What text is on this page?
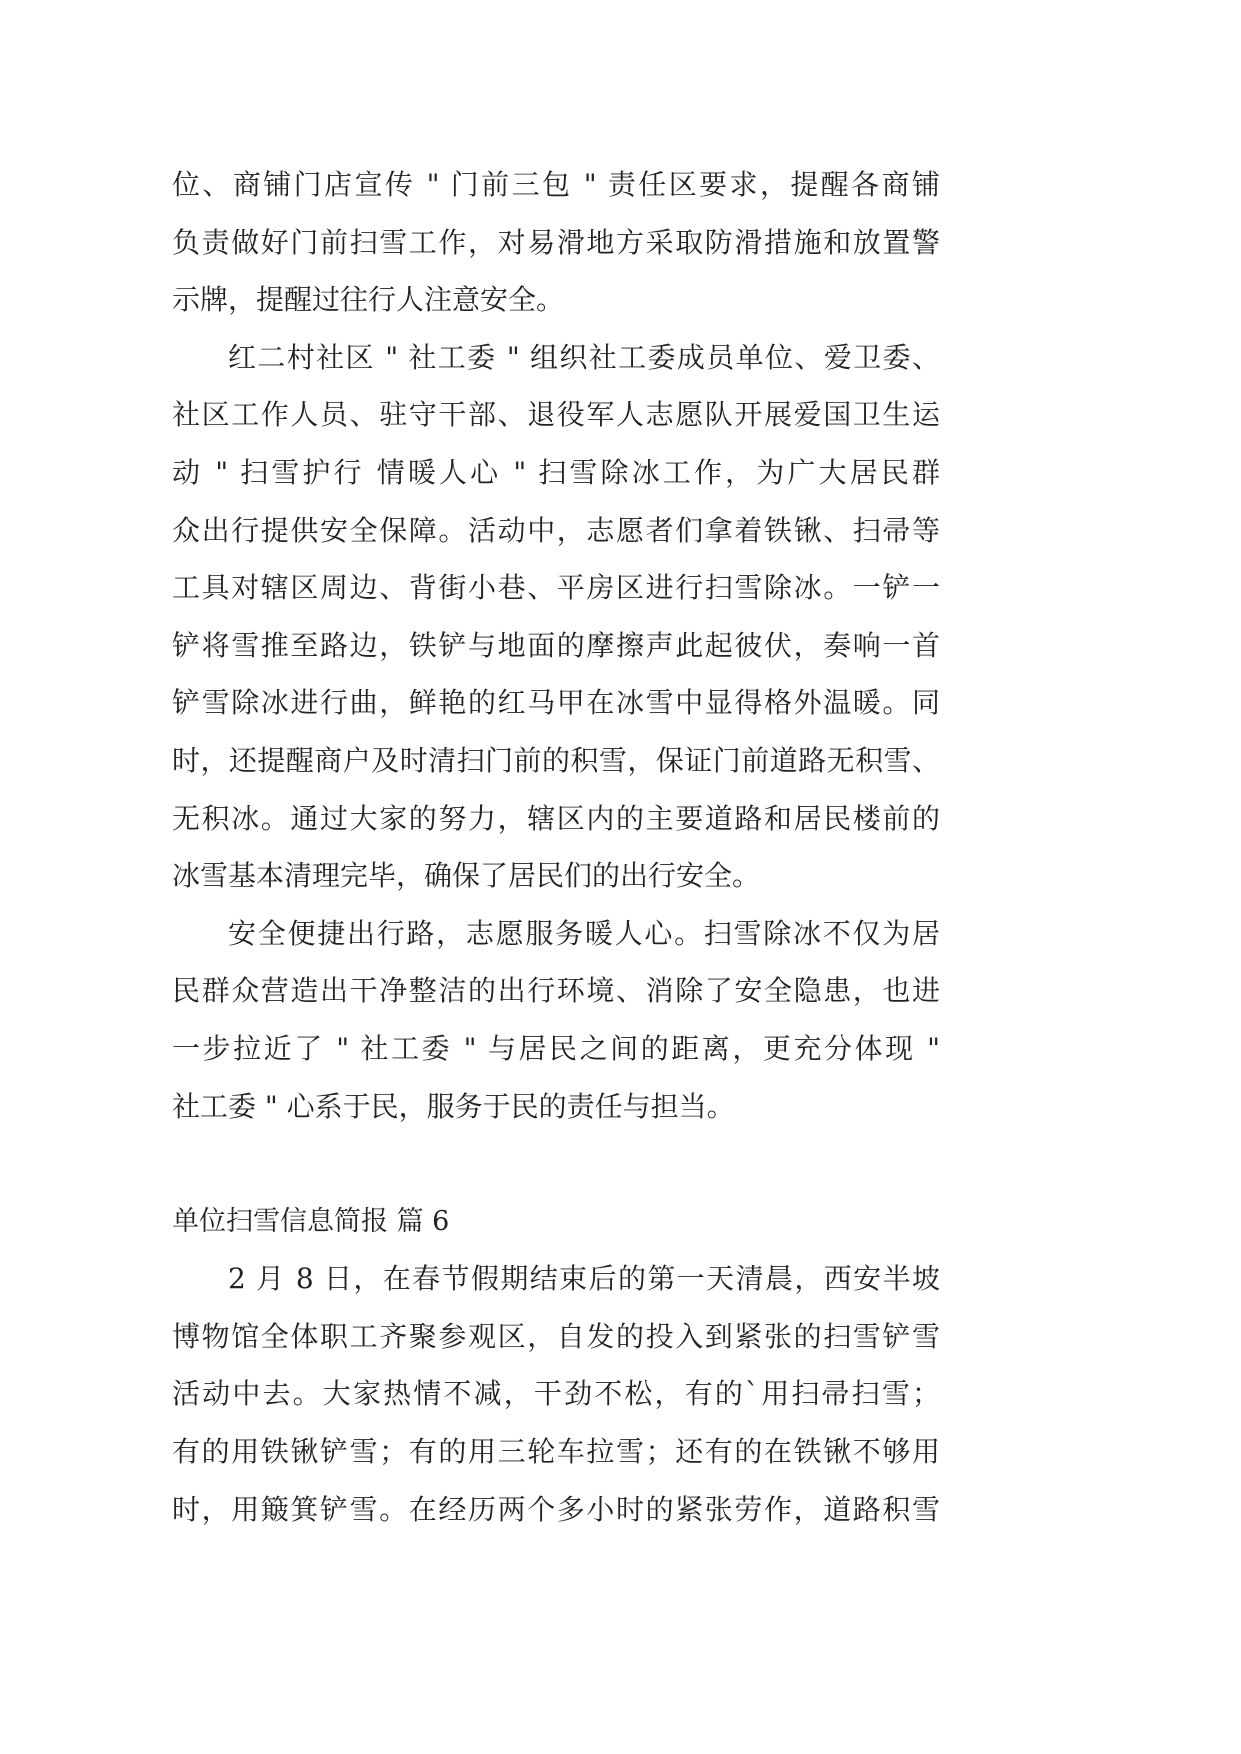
位、商铺门店宣传 " 门前三包 " 责任区要求，提醒各商铺
负责做好门前扫雪工作，对易滑地方采取防滑措施和放置警
示牌，提醒过往行人注意安全。
红二村社区 " 社工委 " 组织社工委成员单位、爱卫委、
社区工作人员、驻守干部、退役军人志愿队开展爱国卫生运
动 " 扫雪护行 情暖人心 " 扫雪除冰工作，为广大居民群
众出行提供安全保障。活动中，志愿者们拿着铁锹、扫帚等
工具对辖区周边、背街小巷、平房区进行扫雪除冰。一铲一
铲将雪推至路边，铁铲与地面的摩擦声此起彼伏，奏响一首
铲雪除冰进行曲，鲜艳的红马甲在冰雪中显得格外温暖。同
时，还提醒商户及时清扫门前的积雪，保证门前道路无积雪、
无积冰。通过大家的努力，辖区内的主要道路和居民楼前的
冰雪基本清理完毕，确保了居民们的出行安全。
安全便捷出行路，志愿服务暖人心。扫雪除冰不仅为居
民群众营造出干净整洁的出行环境、消除了安全隐患，也进
一步拉近了 " 社工委 " 与居民之间的距离，更充分体现 "
社工委 " 心系于民，服务于民的责任与担当。
单位扫雪信息简报 篇 6
2 月 8 日，在春节假期结束后的第一天清晨，西安半坡
博物馆全体职工齐聚参观区，自发的投入到紧张的扫雪铲雪
活动中去。大家热情不减，干劲不松，有的`用扫帚扫雪；
有的用铁锹铲雪；有的用三轮车拉雪；还有的在铁锹不够用
时，用簸箕铲雪。在经历两个多小时的紧张劳作，道路积雪
